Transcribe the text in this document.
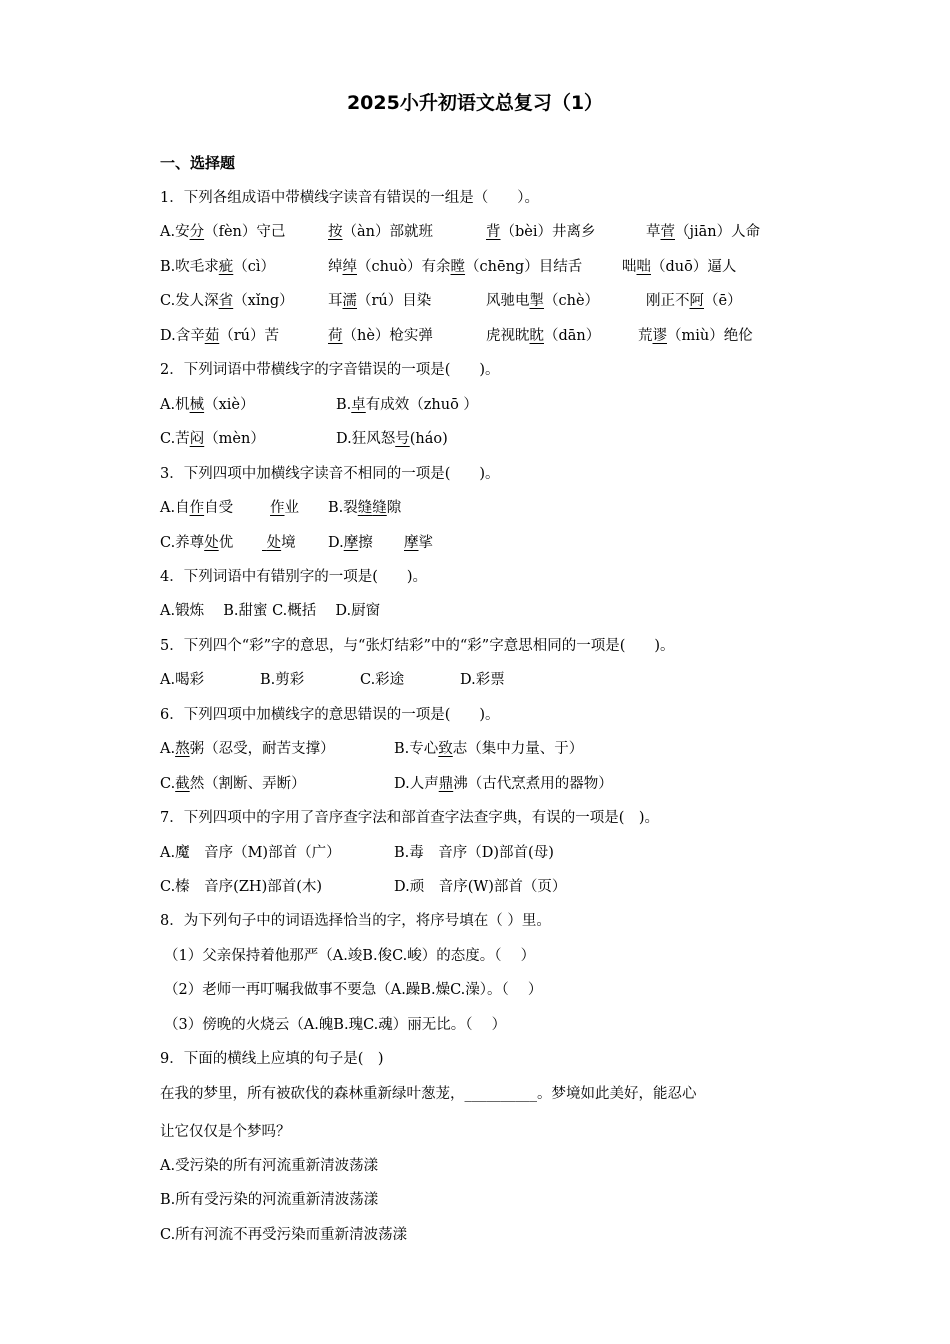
2025小升初语文总复习（1）
一、选择题
1．下列各组成语中带横线字读音有错误的一组是（　　）。
A.安分（fèn）守己	按（àn）部就班	背（bèi）井离乡	草菅（jiān）人命
B.吹毛求疵（cì）	绰绰（chuò）有余瞠（chēng）目结舌	咄咄（duō）逼人
C.发人深省（xǐng） 耳濡（rú）目染	风驰电掣（chè）	刚正不阿（ē）
D.含辛茹（rú）苦	荷（hè）枪实弹	虎视眈眈（dān）	荒谬（miù）绝伦
2．下列词语中带横线字的字音错误的一项是(　　)。
A.机械（xiè）	B.卓有成效（zhuō ）
C.苦闷（mèn）	D.狂风怒号(háo)
3．下列四项中加横线字读音不相同的一项是(　　)。
A.自作自受	作业 B.裂缝缝隙
C.养尊处优	处境 D.摩擦 摩挲
4．下列词语中有错别字的一项是(　　)。
A.锻炼　 B.甜蜜 C.概括　 D.厨窗
5．下列四个“彩”字的意思，与“张灯结彩”中的“彩”字意思相同的一项是(　　)。
A.喝彩	B.剪彩	C.彩途	D.彩票
6．下列四项中加横线字的意思错误的一项是(　　)。
A.熬粥（忍受，耐苦支撑）	B.专心致志（集中力量、于）
C.截然（割断、弄断）	D.人声鼎沸（古代烹煮用的器物）
7．下列四项中的字用了音序查字法和部首查字法查字典，有误的一项是(　)。
A.魔　音序（M)部首（广）	B.毒　音序（D)部首(母)
C.榛　音序(ZH)部首(木)	D.顽　音序(W)部首（页）
8．为下列句子中的词语选择恰当的字，将序号填在（ ）里。
（1）父亲保持着他那严（A.竣B.俊C.峻）的态度。（　 ）
（2）老师一再叮嘱我做事不要急（A.躁B.燥C.澡）。（　 ）
（3）傍晚的火烧云（A.魄B.瑰C.魂）丽无比。（　 ）
9．下面的横线上应填的句子是(　)
在我的梦里，所有被砍伐的森林重新绿叶葱茏，__________。梦境如此美好，能忍心
让它仅仅是个梦吗？
A.受污染的所有河流重新清波荡漾
B.所有受污染的河流重新清波荡漾
C.所有河流不再受污染而重新清波荡漾
